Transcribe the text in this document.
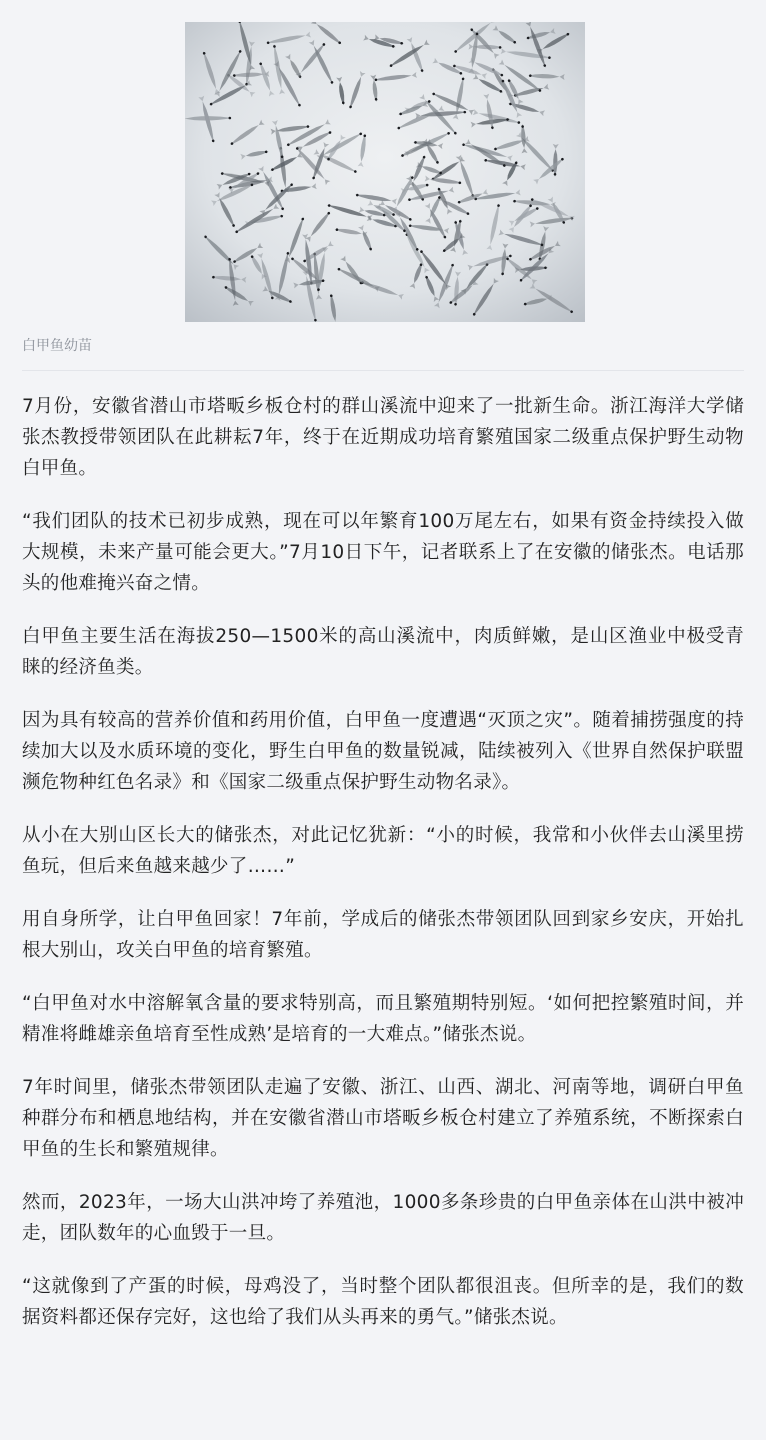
白甲鱼幼苗

7月份，安徽省潜山市塔畈乡板仓村的群山溪流中迎来了一批新生命。浙江海洋大学储张杰教授带领团队在此耕耘7年，终于在近期成功培育繁殖国家二级重点保护野生动物白甲鱼。

“我们团队的技术已初步成熟，现在可以年繁育100万尾左右，如果有资金持续投入做大规模，未来产量可能会更大。”7月10日下午，记者联系上了在安徽的储张杰。电话那头的他难掩兴奋之情。

白甲鱼主要生活在海拔250—1500米的高山溪流中，肉质鲜嫩，是山区渔业中极受青睐的经济鱼类。

因为具有较高的营养价值和药用价值，白甲鱼一度遭遇“灭顶之灾”。随着捕捞强度的持续加大以及水质环境的变化，野生白甲鱼的数量锐减，陆续被列入《世界自然保护联盟濒危物种红色名录》和《国家二级重点保护野生动物名录》。

从小在大别山区长大的储张杰，对此记忆犹新：“小的时候，我常和小伙伴去山溪里捞鱼玩，但后来鱼越来越少了……”

用自身所学，让白甲鱼回家！7年前，学成后的储张杰带领团队回到家乡安庆，开始扎根大别山，攻关白甲鱼的培育繁殖。

“白甲鱼对水中溶解氧含量的要求特别高，而且繁殖期特别短。‘如何把控繁殖时间，并精准将雌雄亲鱼培育至性成熟’是培育的一大难点。”储张杰说。

7年时间里，储张杰带领团队走遍了安徽、浙江、山西、湖北、河南等地，调研白甲鱼种群分布和栖息地结构，并在安徽省潜山市塔畈乡板仓村建立了养殖系统，不断探索白甲鱼的生长和繁殖规律。

然而，2023年，一场大山洪冲垮了养殖池，1000多条珍贵的白甲鱼亲体在山洪中被冲走，团队数年的心血毁于一旦。

“这就像到了产蛋的时候，母鸡没了，当时整个团队都很沮丧。但所幸的是，我们的数据资料都还保存完好，这也给了我们从头再来的勇气。”储张杰说。
